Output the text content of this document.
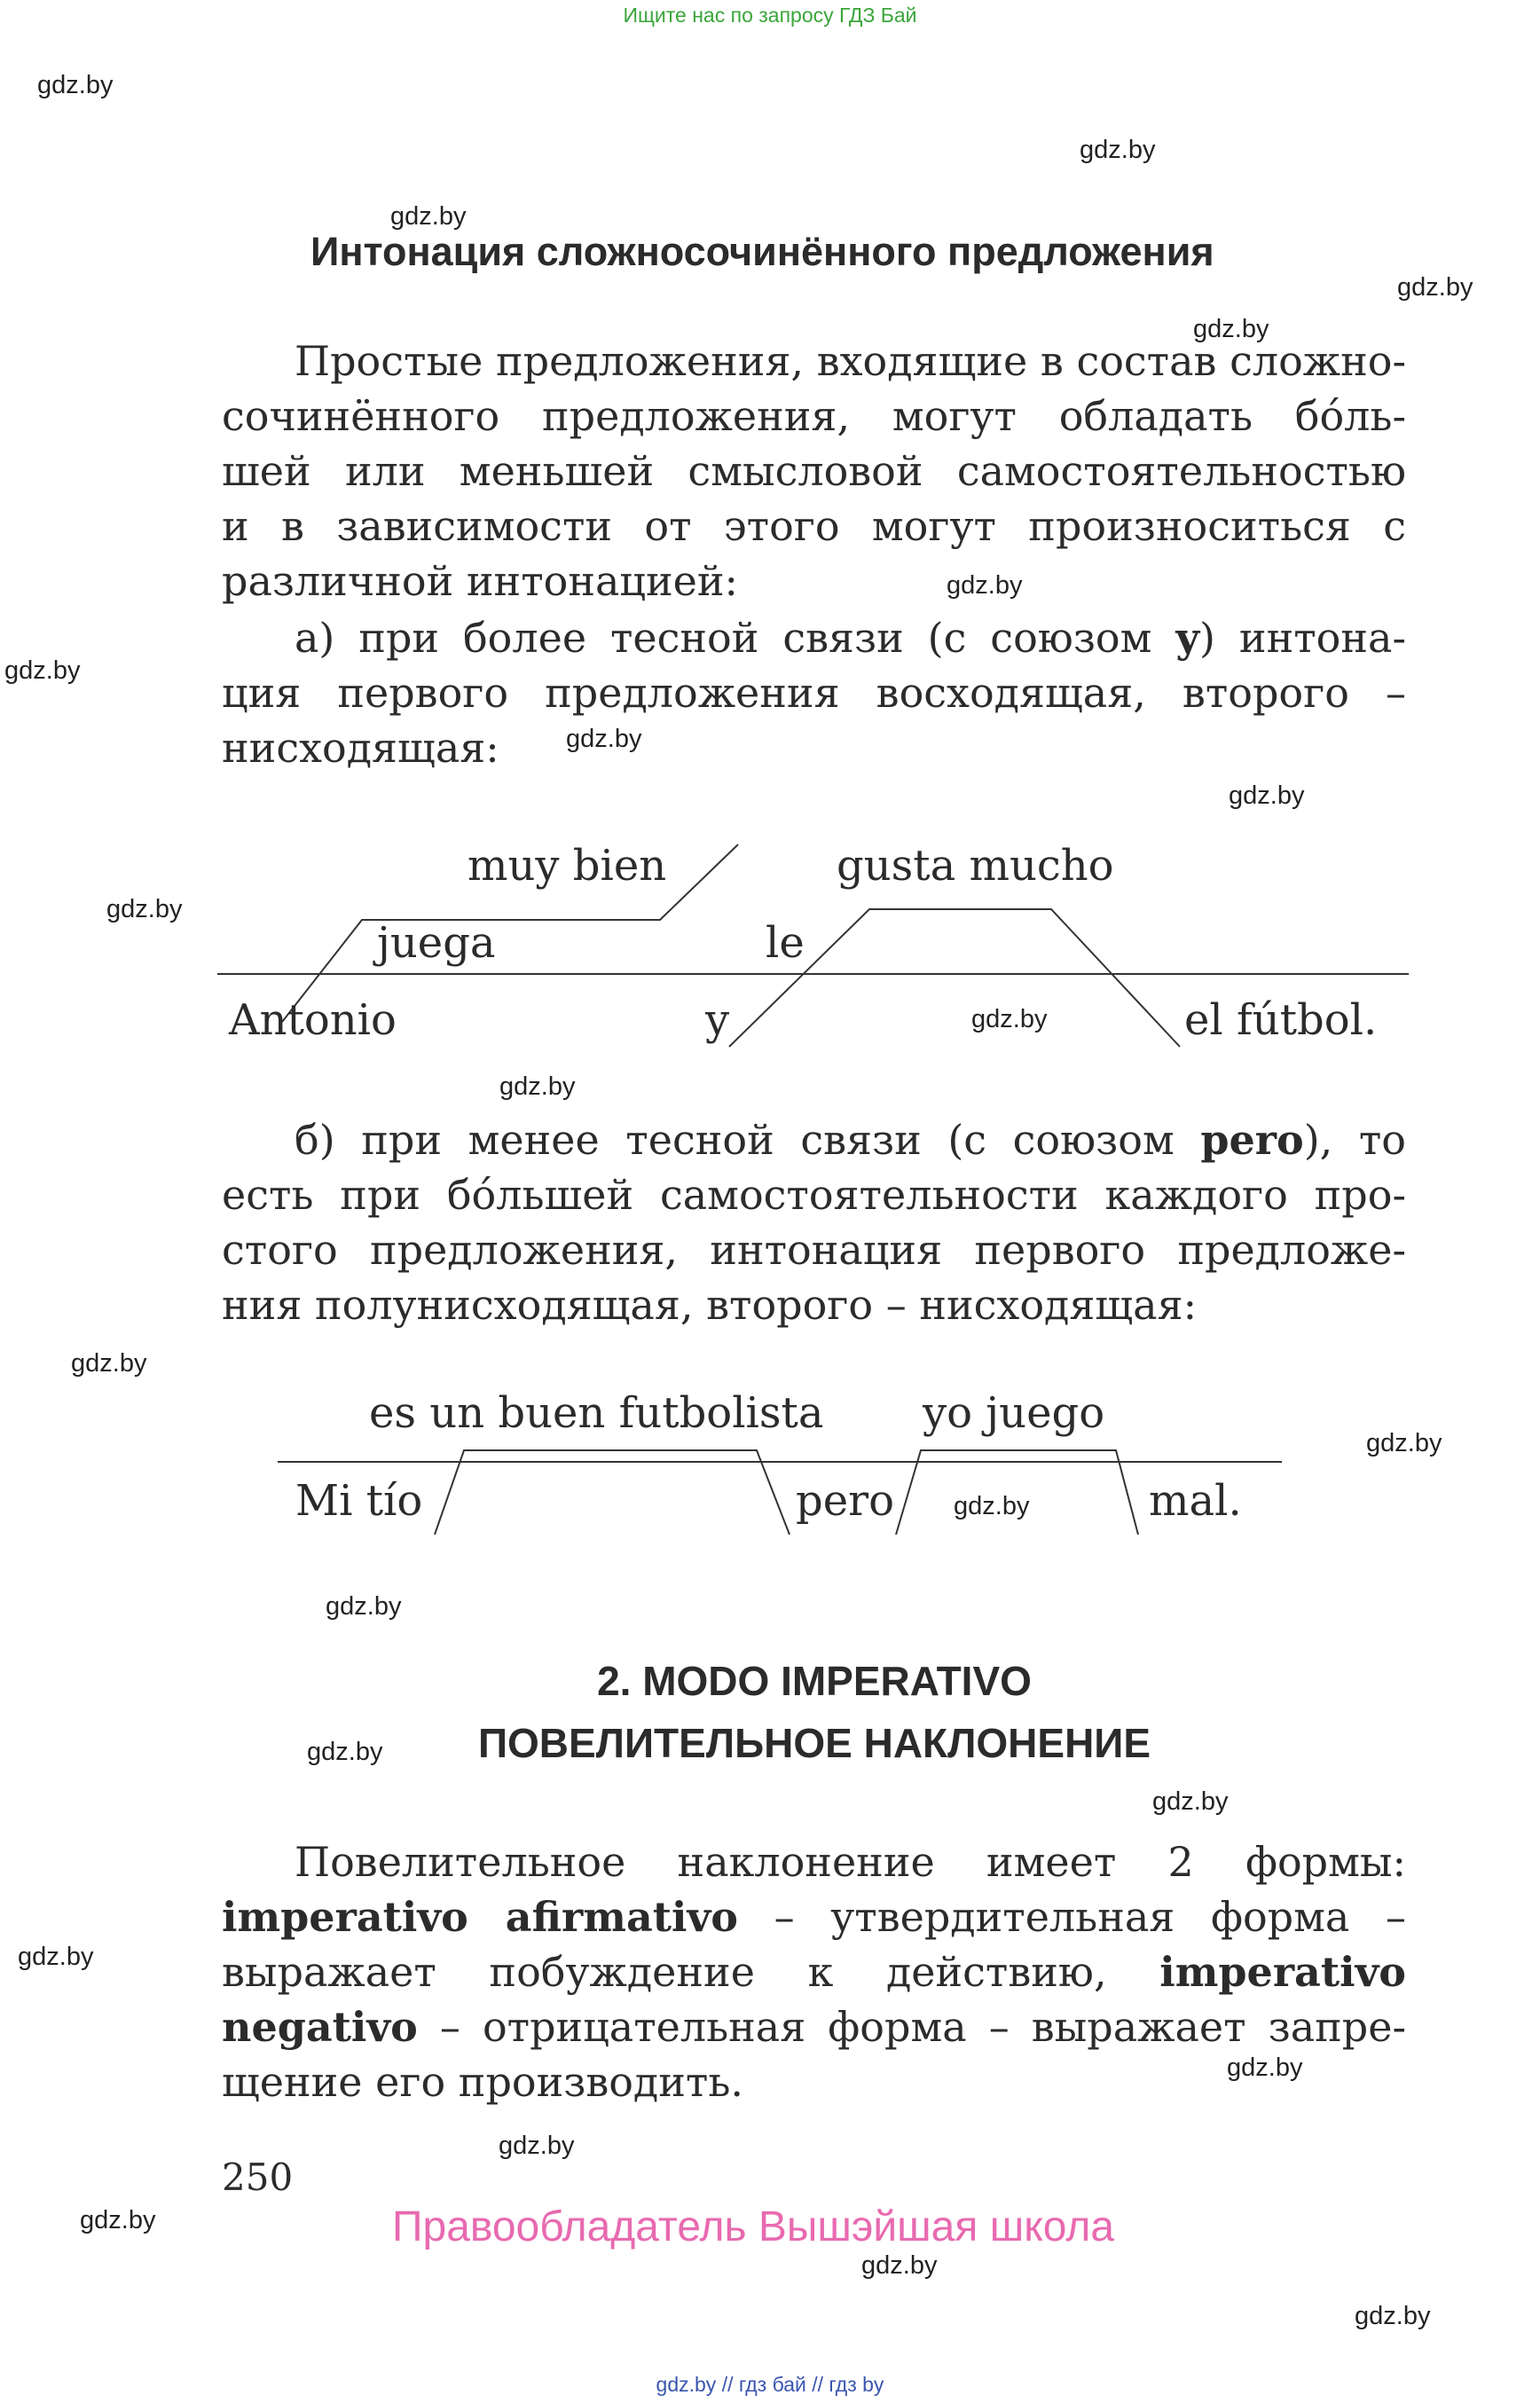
Ищите нас по запросу ГДЗ Бай
gdz.by
gdz.by
gdz.by
gdz.by
gdz.by
gdz.by
gdz.by
gdz.by
gdz.by
gdz.by
gdz.by
gdz.by
gdz.by
gdz.by
gdz.by
gdz.by
gdz.by
gdz.by
gdz.by
gdz.by
gdz.by
gdz.by
gdz.by
gdz.by
Интонация сложносочинённого предложения
Простые предложения, входящие в состав сложно-
сочинённого предложения, могут обладать бо́ль-
шей или меньшей смысловой самостоятельностью
и в зависимости от этого могут произноситься с
различной интонацией:
а) при более тесной связи (с союзом y) интона-
ция первого предложения восходящая, второго –
нисходящая:
muy bien	gusta mucho
juega	le
Antonio	y	el fútbol.
б) при менее тесной связи (с союзом pero), то
есть при бо́льшей самостоятельности каждого про-
стого предложения, интонация первого предложе-
ния полунисходящая, второго – нисходящая:
es un buen futbolista yo juego
Mi tío	pero	mal.
2. MODO IMPERATIVO
ПОВЕЛИТЕЛЬНОЕ НАКЛОНЕНИЕ
Повелительное наклонение имеет 2 формы:
imperativo afirmativo – утвердительная форма –
выражает побуждение к действию, imperativo
negativo – отрицательная форма – выражает запре-
щение его производить.
250
Правообладатель Вышэйшая школа
gdz.by // гдз бай // гдз by
